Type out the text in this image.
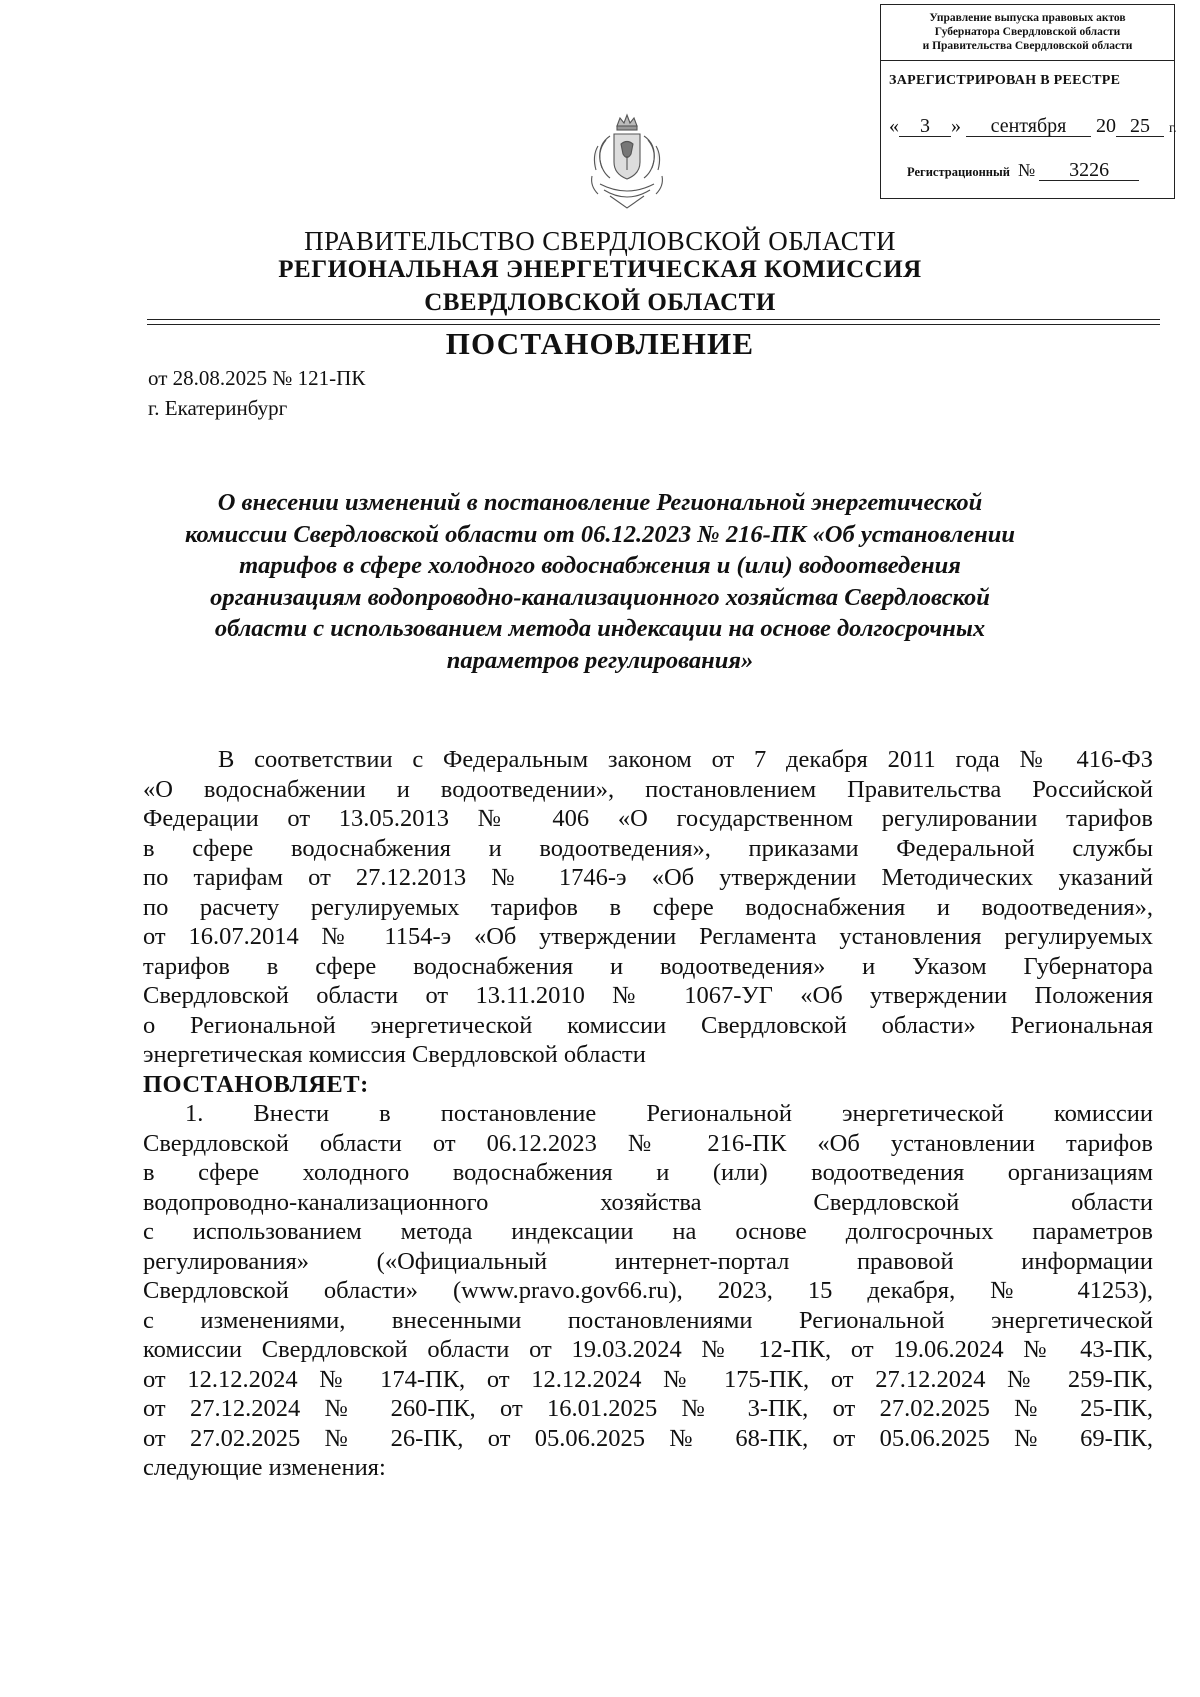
Управление выпуска правовых актов
Губернатора Свердловской области
и Правительства Свердловской области
ЗАРЕГИСТРИРОВАН В РЕЕСТРЕ
« 3 » сентября 20 25 г.
Регистрационный № 3226
ПРАВИТЕЛЬСТВО СВЕРДЛОВСКОЙ ОБЛАСТИ
РЕГИОНАЛЬНАЯ ЭНЕРГЕТИЧЕСКАЯ КОМИССИЯ
СВЕРДЛОВСКОЙ ОБЛАСТИ
ПОСТАНОВЛЕНИЕ
от 28.08.2025 № 121-ПК
г. Екатеринбург
О внесении изменений в постановление Региональной энергетической
комиссии Свердловской области от 06.12.2023 № 216-ПК «Об установлении
тарифов в сфере холодного водоснабжения и (или) водоотведения
организациям водопроводно-канализационного хозяйства Свердловской
области с использованием метода индексации на основе долгосрочных
параметров регулирования»
В соответствии с Федеральным законом от 7 декабря 2011 года № 416-ФЗ
«О водоснабжении и водоотведении», постановлением Правительства Российской
Федерации от 13.05.2013 № 406 «О государственном регулировании тарифов
в сфере водоснабжения и водоотведения», приказами Федеральной службы
по тарифам от 27.12.2013 № 1746-э «Об утверждении Методических указаний
по расчету регулируемых тарифов в сфере водоснабжения и водоотведения»,
от 16.07.2014 № 1154-э «Об утверждении Регламента установления регулируемых
тарифов в сфере водоснабжения и водоотведения» и Указом Губернатора
Свердловской области от 13.11.2010 № 1067-УГ «Об утверждении Положения
о Региональной энергетической комиссии Свердловской области» Региональная
энергетическая комиссия Свердловской области
ПОСТАНОВЛЯЕТ:
1. Внести в постановление Региональной энергетической комиссии
Свердловской области от 06.12.2023 № 216-ПК «Об установлении тарифов
в сфере холодного водоснабжения и (или) водоотведения организациям
водопроводно-канализационного хозяйства Свердловской области
с использованием метода индексации на основе долгосрочных параметров
регулирования» («Официальный интернет-портал правовой информации
Свердловской области» (www.pravo.gov66.ru), 2023, 15 декабря, № 41253),
с изменениями, внесенными постановлениями Региональной энергетической
комиссии Свердловской области от 19.03.2024 № 12-ПК, от 19.06.2024 № 43-ПК,
от 12.12.2024 № 174-ПК, от 12.12.2024 № 175-ПК, от 27.12.2024 № 259-ПК,
от 27.12.2024 № 260-ПК, от 16.01.2025 № 3-ПК, от 27.02.2025 № 25-ПК,
от 27.02.2025 № 26-ПК, от 05.06.2025 № 68-ПК, от 05.06.2025 № 69-ПК,
следующие изменения:
